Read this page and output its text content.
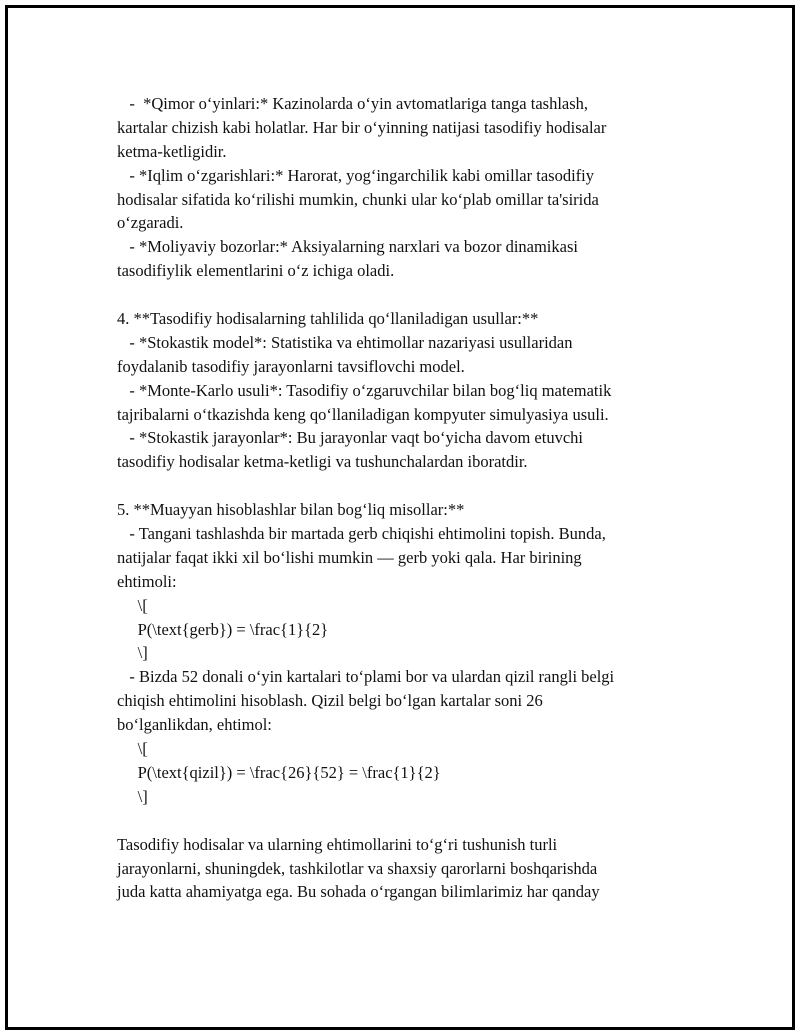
-  *Qimor o‘yinlari:* Kazinolarda o‘yin avtomatlariga tanga tashlash,
kartalar chizish kabi holatlar. Har bir o‘yinning natijasi tasodifiy hodisalar
ketma-ketligidir.
- *Iqlim o‘zgarishlari:* Harorat, yog‘ingarchilik kabi omillar tasodifiy
hodisalar sifatida ko‘rilishi mumkin, chunki ular ko‘plab omillar ta'sirida
o‘zgaradi.
- *Moliyaviy bozorlar:* Aksiyalarning narxlari va bozor dinamikasi
tasodifiylik elementlarini o‘z ichiga oladi.
4. **Tasodifiy hodisalarning tahlilida qo‘llaniladigan usullar:**
- *Stokastik model*: Statistika va ehtimollar nazariyasi usullaridan
foydalanib tasodifiy jarayonlarni tavsiflovchi model.
- *Monte-Karlo usuli*: Tasodifiy o‘zgaruvchilar bilan bog‘liq matematik
tajribalarni o‘tkazishda keng qo‘llaniladigan kompyuter simulyasiya usuli.
- *Stokastik jarayonlar*: Bu jarayonlar vaqt bo‘yicha davom etuvchi
tasodifiy hodisalar ketma-ketligi va tushunchalardan iboratdir.
5. **Muayyan hisoblashlar bilan bog‘liq misollar:**
- Tangani tashlashda bir martada gerb chiqishi ehtimolini topish. Bunda,
natijalar faqat ikki xil bo‘lishi mumkin — gerb yoki qala. Har birining
ehtimoli:
\[
P(\text{gerb}) = \frac{1}{2}
\]
- Bizda 52 donali o‘yin kartalari to‘plami bor va ulardan qizil rangli belgi
chiqish ehtimolini hisoblash. Qizil belgi bo‘lgan kartalar soni 26
bo‘lganlikdan, ehtimol:
\[
P(\text{qizil}) = \frac{26}{52} = \frac{1}{2}
\]
Tasodifiy hodisalar va ularning ehtimollarini to‘g‘ri tushunish turli
jarayonlarni, shuningdek, tashkilotlar va shaxsiy qarorlarni boshqarishda
juda katta ahamiyatga ega. Bu sohada o‘rgangan bilimlarimiz har qanday
